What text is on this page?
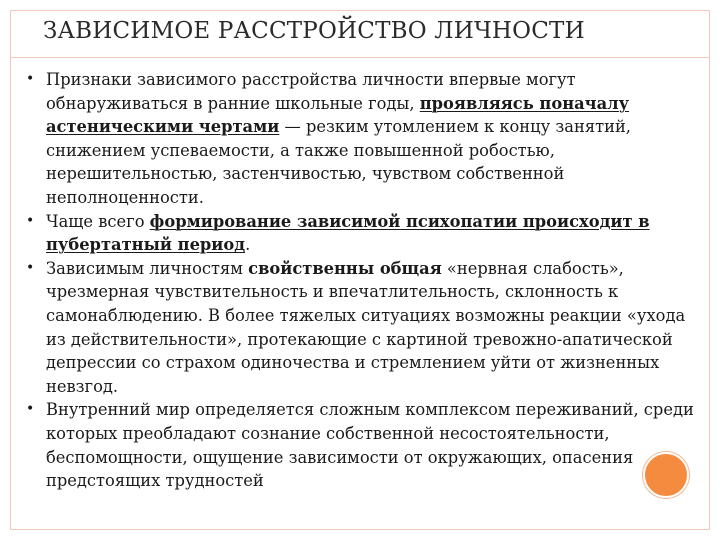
ЗАВИСИМОЕ РАССТРОЙСТВО ЛИЧНОСТИ
• Признаки зависимого расстройства личности впервые могут обнаруживаться в ранние школьные годы, проявляясь поначалу астеническими чертами — резким утомлением к концу занятий, снижением успеваемости, а также повышенной робостью, нерешительностью, застенчивостью, чувством собственной неполноценности.
• Чаще всего формирование зависимой психопатии происходит в пубертатный период.
• Зависимым личностям свойственны общая «нервная слабость», чрезмерная чувствительность и впечатлительность, склонность к самонаблюдению. В более тяжелых ситуациях возможны реакции «ухода из действительности», протекающие с картиной тревожно-апатической депрессии со страхом одиночества и стремлением уйти от жизненных невзгод.
• Внутренний мир определяется сложным комплексом переживаний, среди которых преобладают сознание собственной несостоятельности, беспомощности, ощущение зависимости от окружающих, опасения предстоящих трудностей
